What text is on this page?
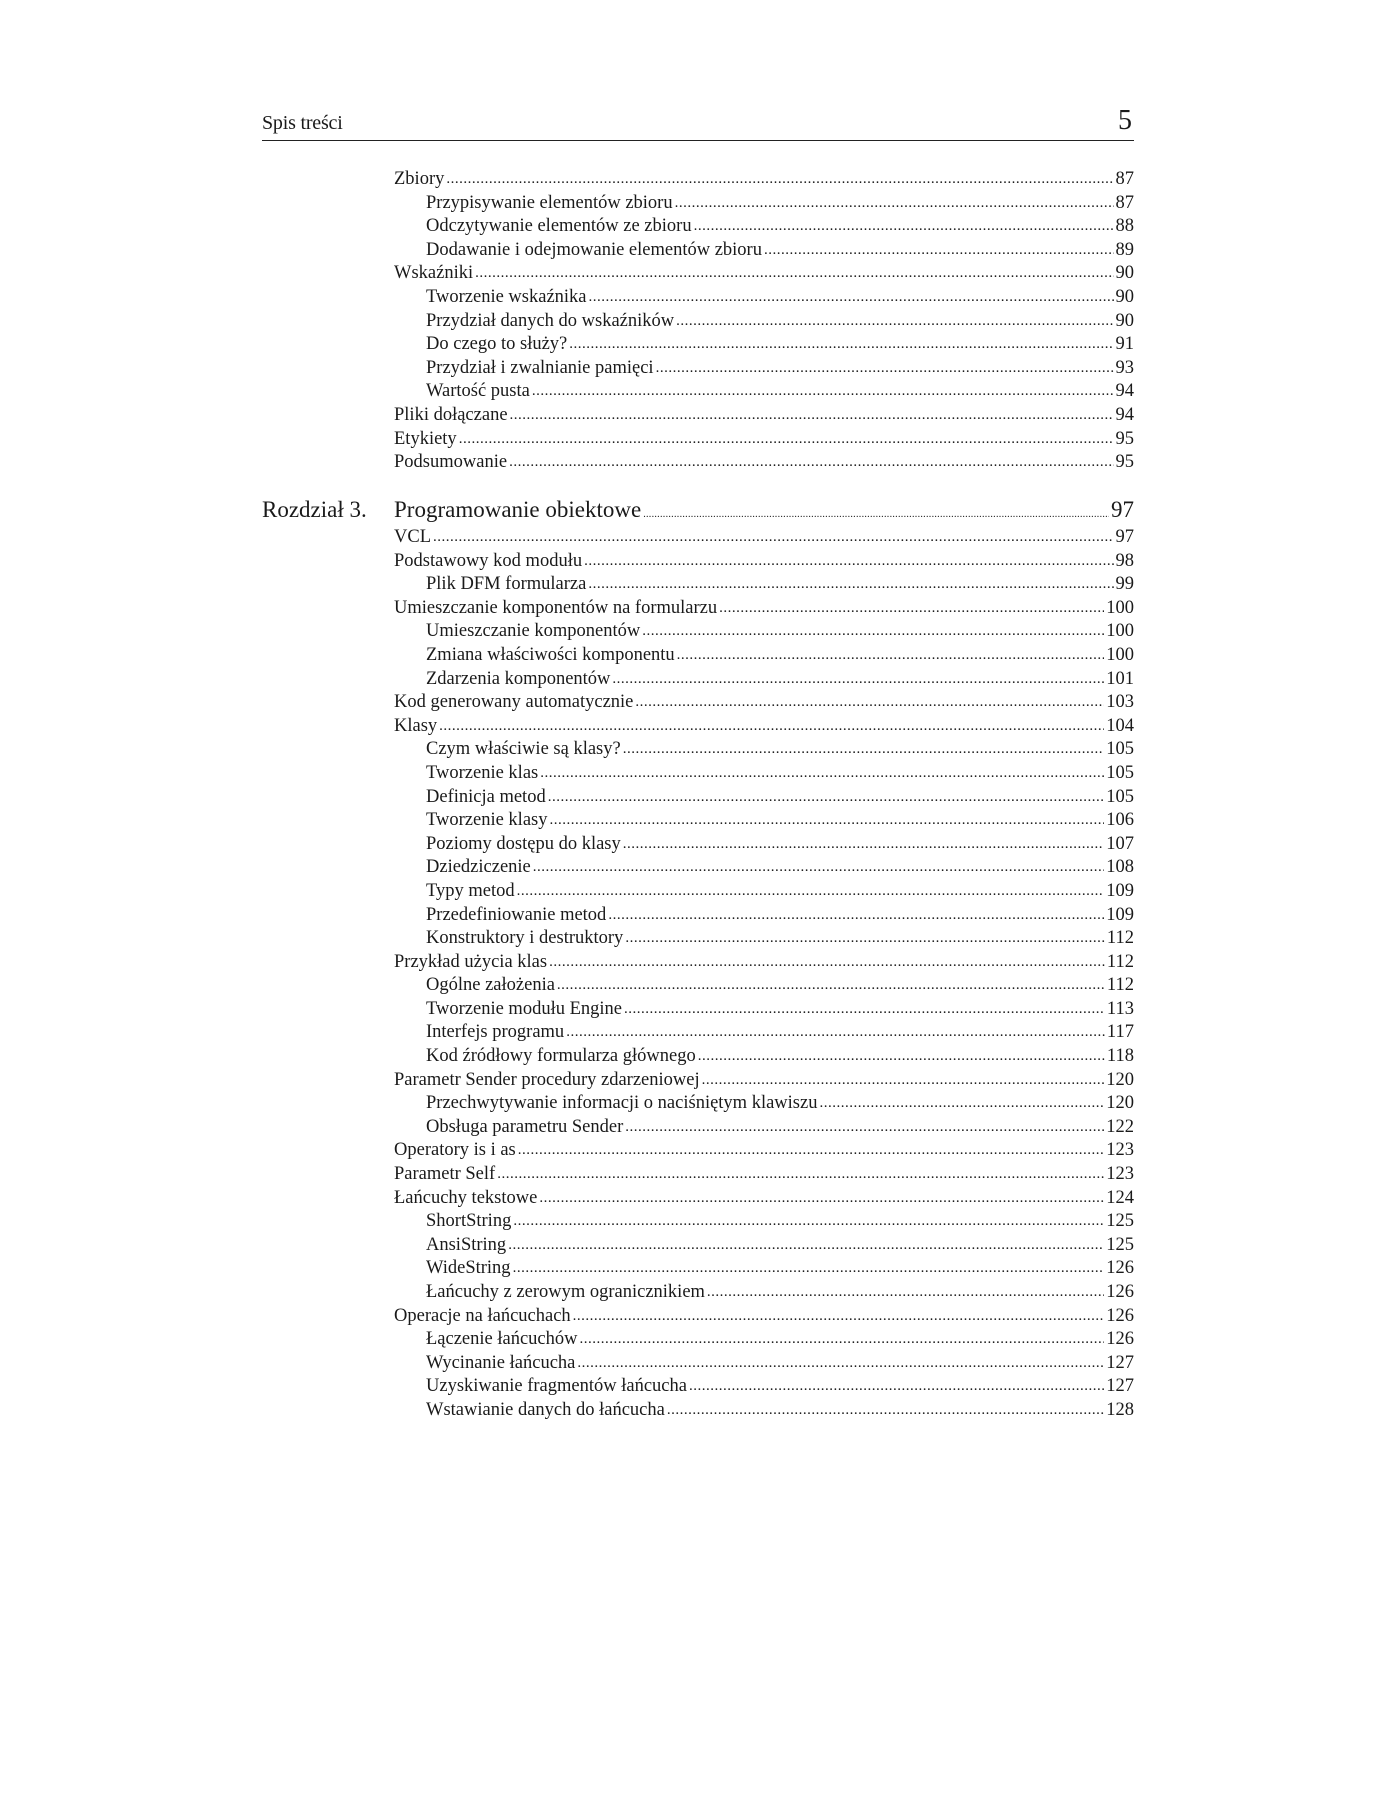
Spis treści	5
Zbiory .....	87
Przypisywanie elementów zbioru .....	87
Odczytywanie elementów ze zbioru .....	88
Dodawanie i odejmowanie elementów zbioru .....	89
Wskaźniki .....	90
Tworzenie wskaźnika .....	90
Przydział danych do wskaźników .....	90
Do czego to służy? .....	91
Przydział i zwalnianie pamięci .....	93
Wartość pusta .....	94
Pliki dołączane .....	94
Etykiety .....	95
Podsumowanie .....	95
Rozdział 3. Programowanie obiektowe .....	97
VCL .....	97
Podstawowy kod modułu .....	98
Plik DFM formularza .....	99
Umieszczanie komponentów na formularzu .....	100
Umieszczanie komponentów .....	100
Zmiana właściwości komponentu .....	100
Zdarzenia komponentów .....	101
Kod generowany automatycznie .....	103
Klasy .....	104
Czym właściwie są klasy? .....	105
Tworzenie klas .....	105
Definicja metod .....	105
Tworzenie klasy .....	106
Poziomy dostępu do klasy .....	107
Dziedziczenie .....	108
Typy metod .....	109
Przedefiniowanie metod .....	109
Konstruktory i destruktory .....	112
Przykład użycia klas .....	112
Ogólne założenia .....	112
Tworzenie modułu Engine .....	113
Interfejs programu .....	117
Kod źródłowy formularza głównego .....	118
Parametr Sender procedury zdarzeniowej .....	120
Przechwytywanie informacji o naciśniętym klawiszu .....	120
Obsługa parametru Sender .....	122
Operatory is i as .....	123
Parametr Self .....	123
Łańcuchy tekstowe .....	124
ShortString .....	125
AnsiString .....	125
WideString .....	126
Łańcuchy z zerowym ogranicznikiem .....	126
Operacje na łańcuchach .....	126
Łączenie łańcuchów .....	126
Wycinanie łańcucha .....	127
Uzyskiwanie fragmentów łańcucha .....	127
Wstawianie danych do łańcucha .....	128
